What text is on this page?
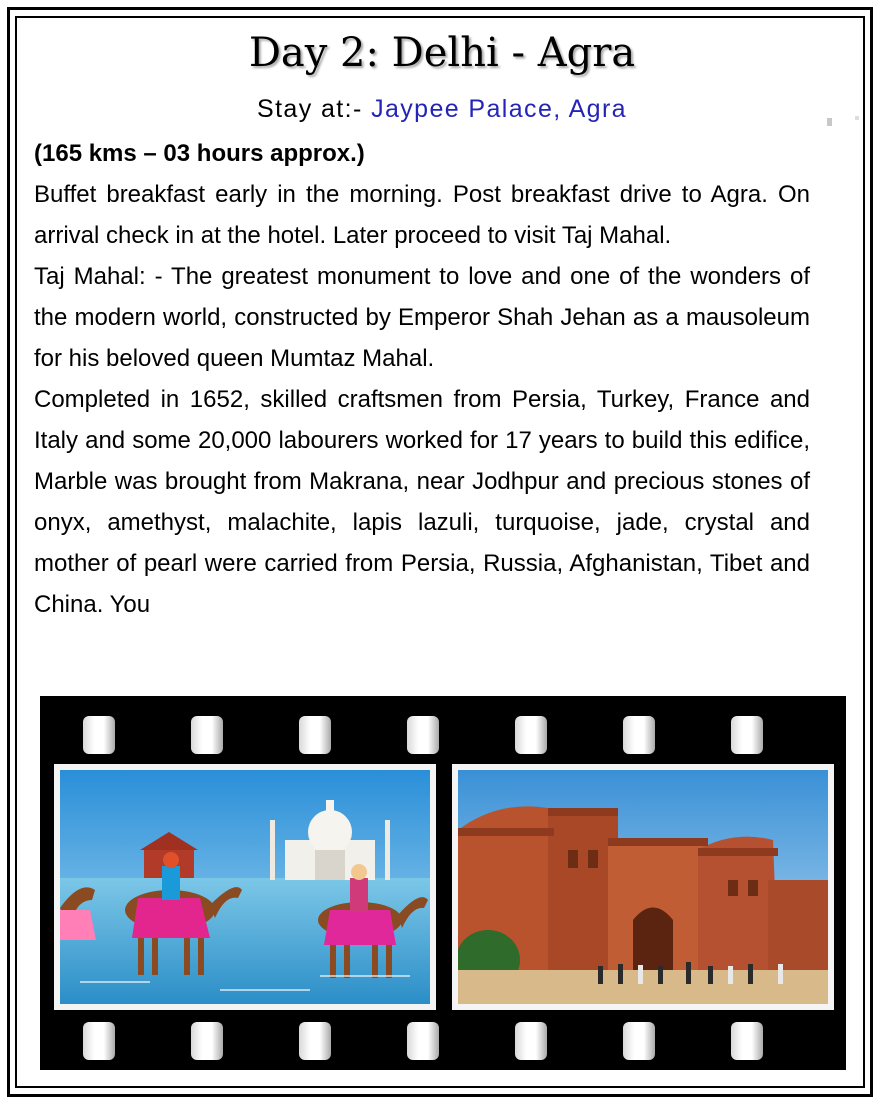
Day 2: Delhi - Agra
Stay at:- Jaypee Palace, Agra

(165 kms – 03 hours approx.)

Buffet breakfast early in the morning. Post breakfast drive to Agra. On arrival check in at the hotel. Later proceed to visit Taj Mahal.

Taj Mahal: - The greatest monument to love and one of the wonders of the modern world, constructed by Emperor Shah Jehan as a mausoleum for his beloved queen Mumtaz Mahal.

Completed in 1652, skilled craftsmen from Persia, Turkey, France and Italy and some 20,000 labourers worked for 17 years to build this edifice, Marble was brought from Makrana, near Jodhpur and precious stones of onyx, amethyst, malachite, lapis lazuli, turquoise, jade, crystal and mother of pearl were carried from Persia, Russia, Afghanistan, Tibet and China. You
